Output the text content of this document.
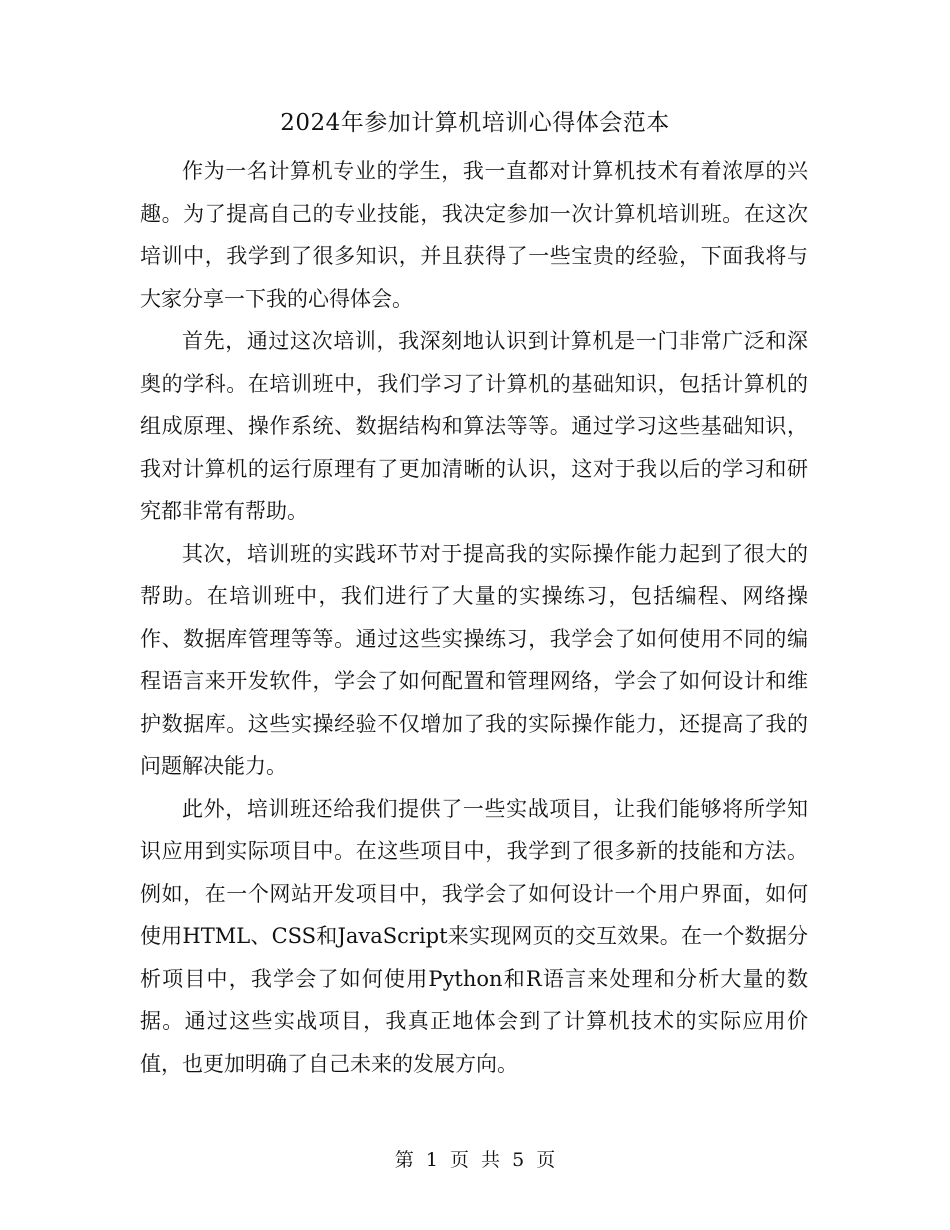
2024年参加计算机培训心得体会范本

作为一名计算机专业的学生，我一直都对计算机技术有着浓厚的兴趣。为了提高自己的专业技能，我决定参加一次计算机培训班。在这次培训中，我学到了很多知识，并且获得了一些宝贵的经验，下面我将与大家分享一下我的心得体会。

首先，通过这次培训，我深刻地认识到计算机是一门非常广泛和深奥的学科。在培训班中，我们学习了计算机的基础知识，包括计算机的组成原理、操作系统、数据结构和算法等等。通过学习这些基础知识，我对计算机的运行原理有了更加清晰的认识，这对于我以后的学习和研究都非常有帮助。

其次，培训班的实践环节对于提高我的实际操作能力起到了很大的帮助。在培训班中，我们进行了大量的实操练习，包括编程、网络操作、数据库管理等等。通过这些实操练习，我学会了如何使用不同的编程语言来开发软件，学会了如何配置和管理网络，学会了如何设计和维护数据库。这些实操经验不仅增加了我的实际操作能力，还提高了我的问题解决能力。

此外，培训班还给我们提供了一些实战项目，让我们能够将所学知识应用到实际项目中。在这些项目中，我学到了很多新的技能和方法。例如，在一个网站开发项目中，我学会了如何设计一个用户界面，如何使用HTML、CSS和JavaScript来实现网页的交互效果。在一个数据分析项目中，我学会了如何使用Python和R语言来处理和分析大量的数据。通过这些实战项目，我真正地体会到了计算机技术的实际应用价值，也更加明确了自己未来的发展方向。

第 1 页 共 5 页
